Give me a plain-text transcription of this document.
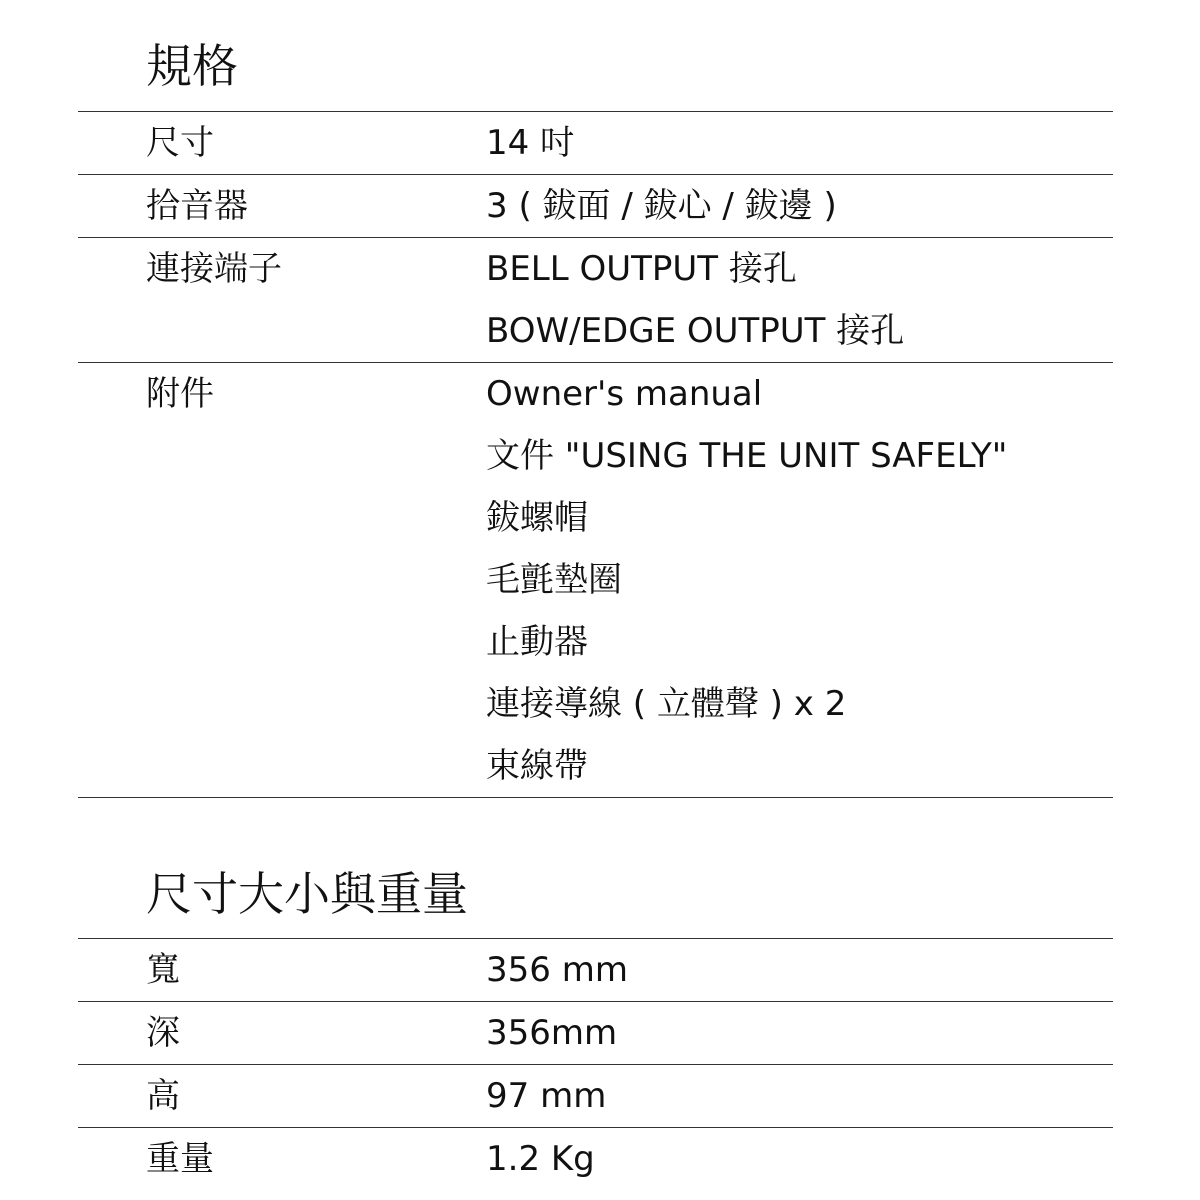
規格
尺寸	14 吋
拾音器	3 ( 鈸面 / 鈸心 / 鈸邊 )
連接端子	BELL OUTPUT 接孔
BOW/EDGE OUTPUT 接孔
附件	Owner's manual
文件 "USING THE UNIT SAFELY"
鈸螺帽
毛氈墊圈
止動器
連接導線 ( 立體聲 ) x 2
束線帶
尺寸大小與重量
寬	356 mm
深	356mm
高	97 mm
重量	1.2 Kg
